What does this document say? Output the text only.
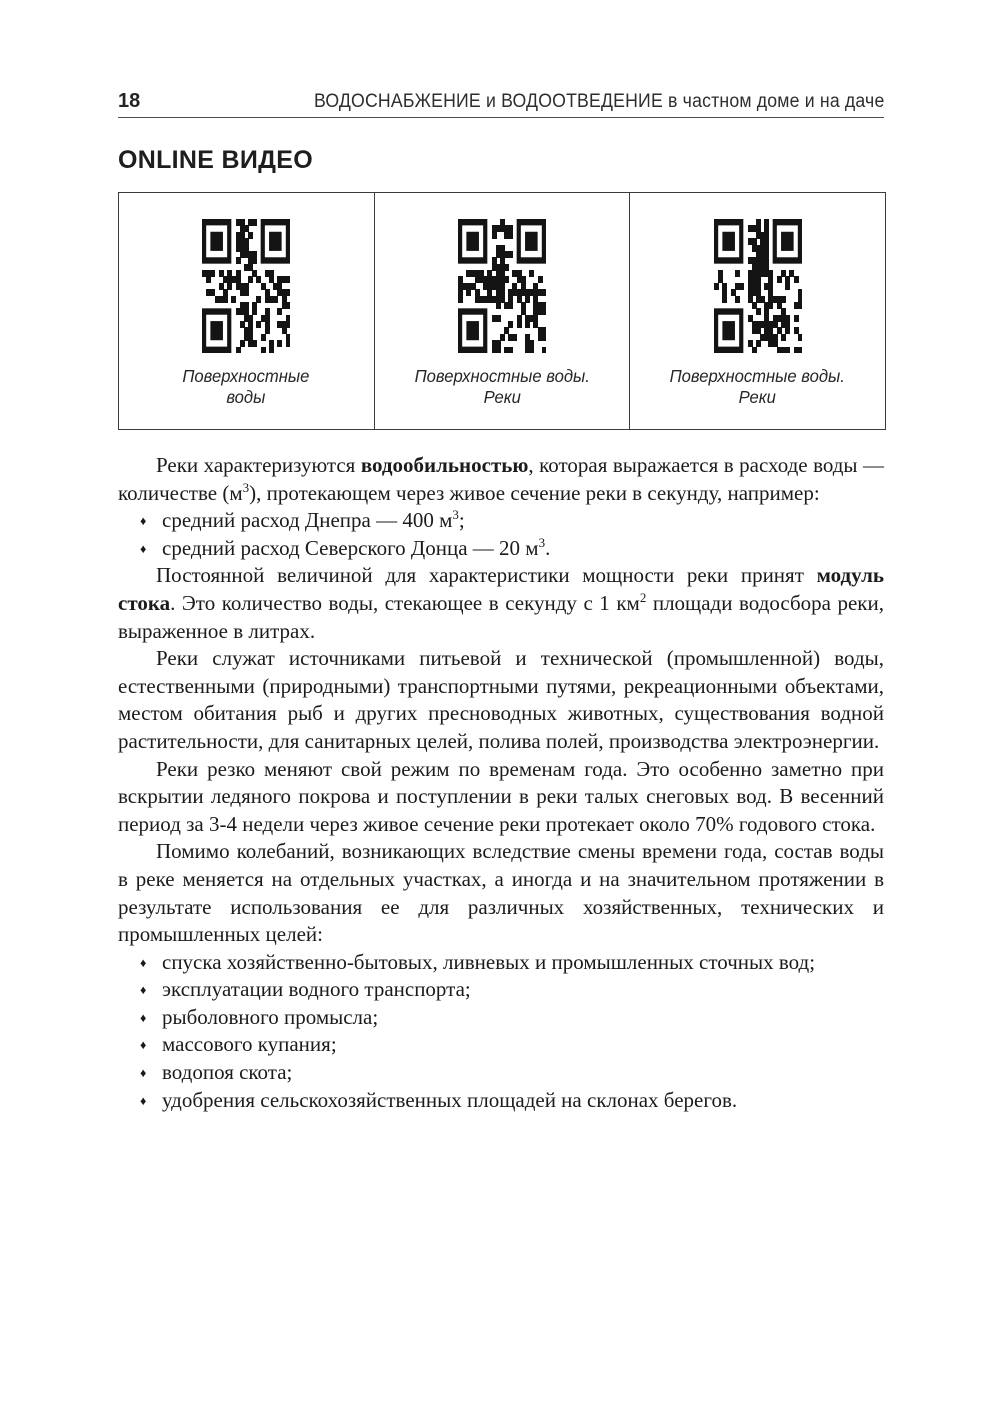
18	ВОДОСНАБЖЕНИЕ и ВОДООТВЕДЕНИЕ в частном доме и на даче
ONLINE ВИДЕО
Поверхностные
воды
Поверхностные воды.
Реки
Поверхностные воды.
Реки

Реки характеризуются водообильностью, которая выражается в расходе воды — количестве $(м^3)$, протекающем через живое сечение реки в секунду, например:

♦ средний расход Днепра — 400 $м^3$;
♦ средний расход Северского Донца — 20 $м^3$.

Постоянной величиной для характеристики мощности реки принят модуль стока. Это количество воды, стекающее в секунду с 1 $км^2$ площади водосбора реки, выраженное в литрах.

Реки служат источниками питьевой и технической (промышленной) воды, естественными (природными) транспортными путями, рекреационными объектами, местом обитания рыб и других пресноводных животных, существования водной растительности, для санитарных целей, полива полей, производства электроэнергии.

Реки резко меняют свой режим по временам года. Это особенно заметно при вскрытии ледяного покрова и поступлении в реки талых снеговых вод. В весенний период за 3-4 недели через живое сечение реки протекает около 70% годового стока.

Помимо колебаний, возникающих вследствие смены времени года, состав воды в реке меняется на отдельных участках, а иногда и на значительном протяжении в результате использования ее для различных хозяйственных, технических и промышленных целей:

♦ спуска хозяйственно-бытовых, ливневых и промышленных сточных вод;
♦ эксплуатации водного транспорта;
♦ рыболовного промысла;
♦ массового купания;
♦ водопоя скота;
♦ удобрения сельскохозяйственных площадей на склонах берегов.
